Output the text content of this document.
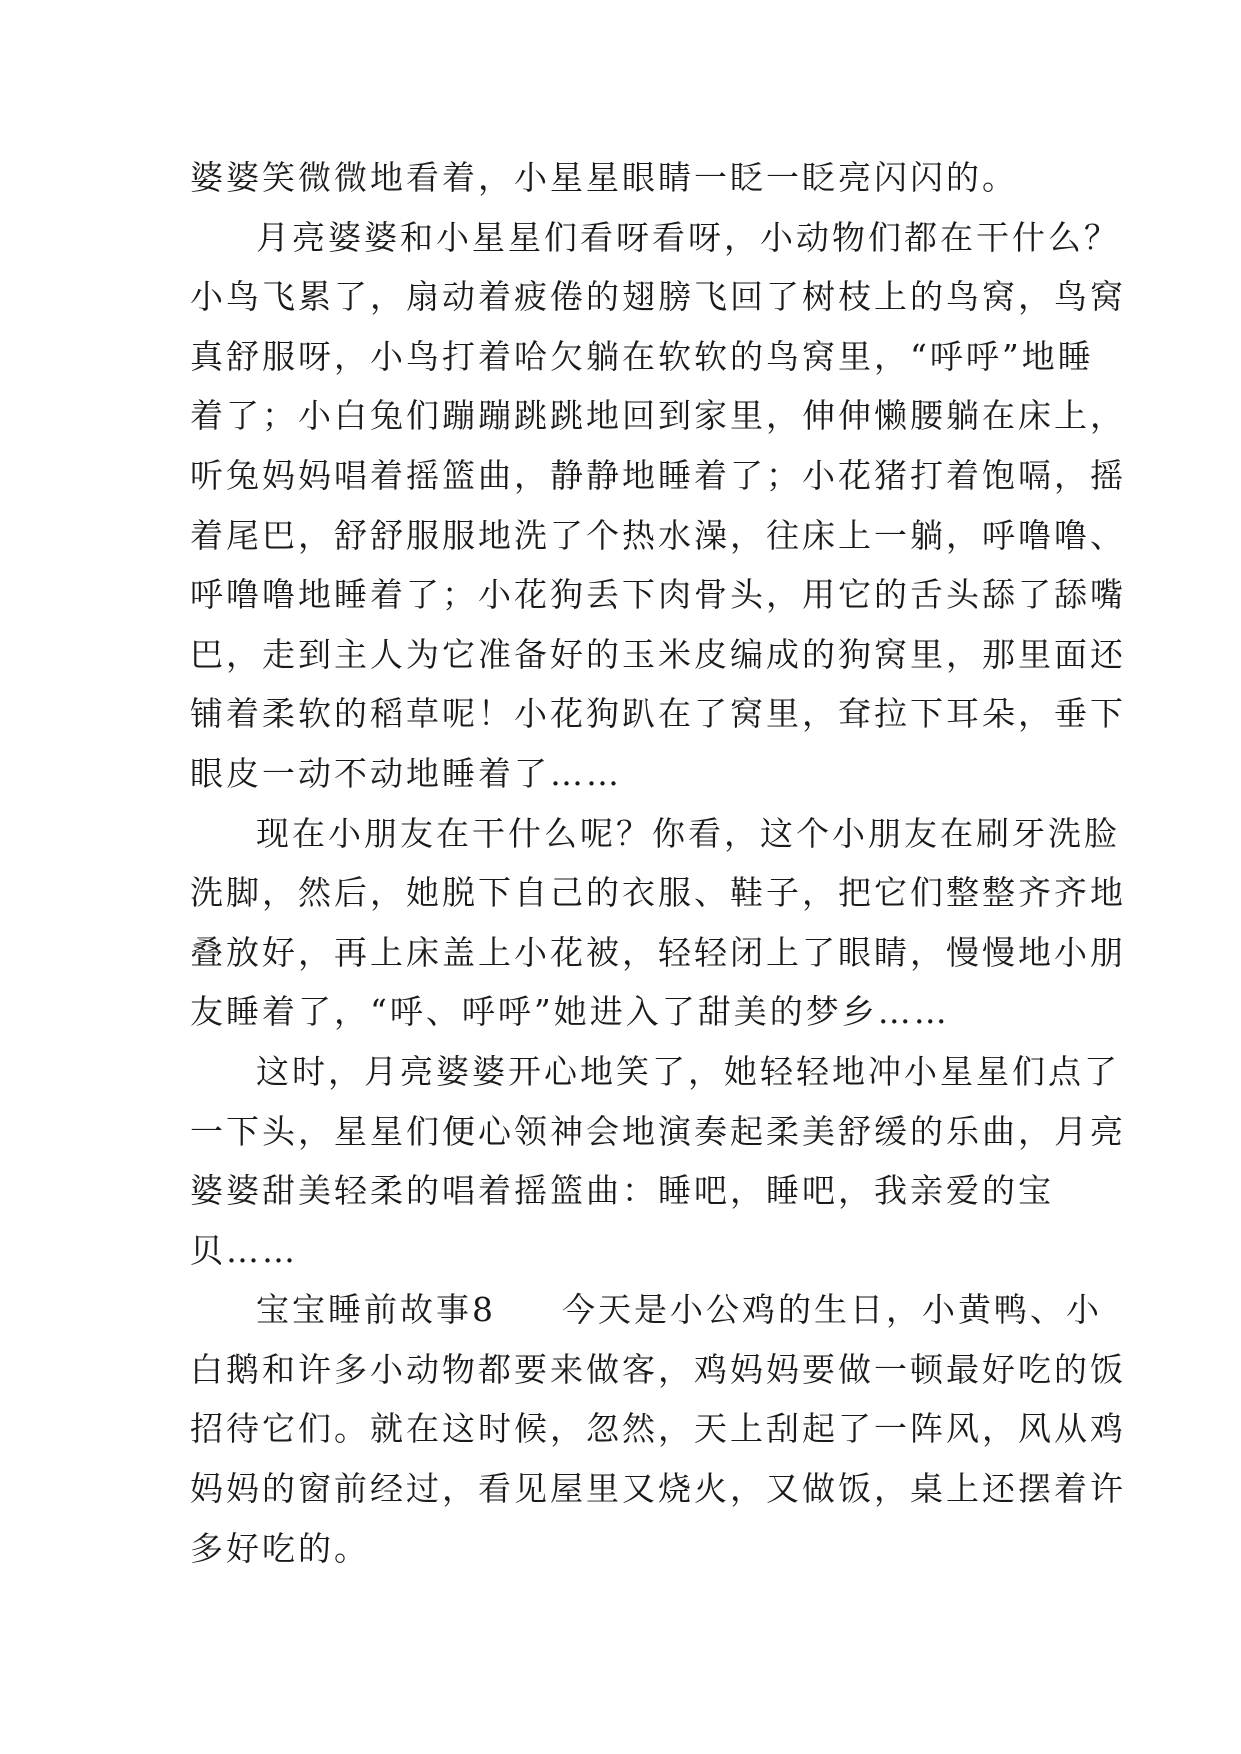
婆婆笑微微地看着，小星星眼睛一眨一眨亮闪闪的。
月亮婆婆和小星星们看呀看呀，小动物们都在干什么？
小鸟飞累了，扇动着疲倦的翅膀飞回了树枝上的鸟窝，鸟窝
真舒服呀，小鸟打着哈欠躺在软软的鸟窝里，“呼呼”地睡
着了；小白兔们蹦蹦跳跳地回到家里，伸伸懒腰躺在床上，
听兔妈妈唱着摇篮曲，静静地睡着了；小花猪打着饱嗝，摇
着尾巴，舒舒服服地洗了个热水澡，往床上一躺，呼噜噜、
呼噜噜地睡着了；小花狗丢下肉骨头，用它的舌头舔了舔嘴
巴，走到主人为它准备好的玉米皮编成的狗窝里，那里面还
铺着柔软的稻草呢！小花狗趴在了窝里，耷拉下耳朵，垂下
眼皮一动不动地睡着了……
现在小朋友在干什么呢？你看，这个小朋友在刷牙洗脸
洗脚，然后，她脱下自己的衣服、鞋子，把它们整整齐齐地
叠放好，再上床盖上小花被，轻轻闭上了眼睛，慢慢地小朋
友睡着了，“呼、呼呼”她进入了甜美的梦乡……
这时，月亮婆婆开心地笑了，她轻轻地冲小星星们点了
一下头，星星们便心领神会地演奏起柔美舒缓的乐曲，月亮
婆婆甜美轻柔的唱着摇篮曲：睡吧，睡吧，我亲爱的宝
贝……
宝宝睡前故事8 今天是小公鸡的生日，小黄鸭、小
白鹅和许多小动物都要来做客，鸡妈妈要做一顿最好吃的饭
招待它们。就在这时候，忽然，天上刮起了一阵风，风从鸡
妈妈的窗前经过，看见屋里又烧火，又做饭，桌上还摆着许
多好吃的。
